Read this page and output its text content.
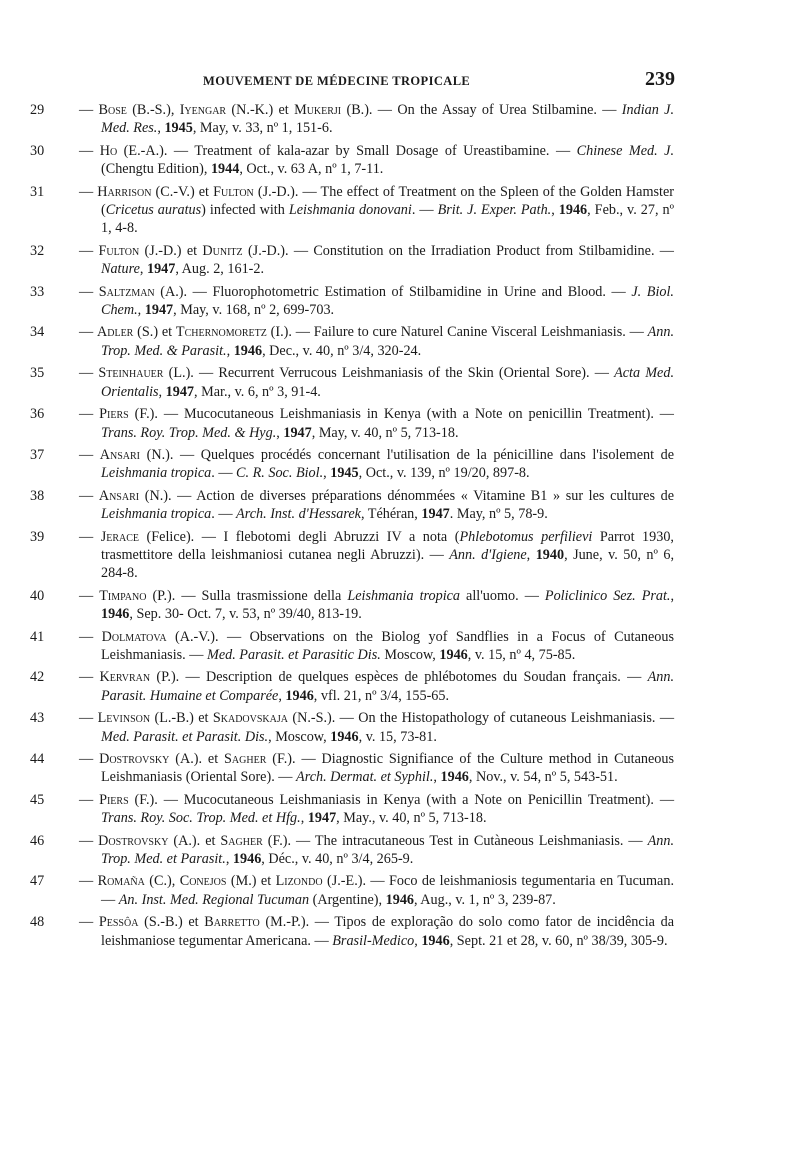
MOUVEMENT DE MÉDECINE TROPICALE	239
29	— Bose (B.-S.), Iyengar (N.-K.) et Mukerji (B.). — On the Assay of Urea Stilbamine. — Indian J. Med. Res., 1945, May, v. 33, nº 1, 151-6.
30	— Ho (E.-A.). — Treatment of kala-azar by Small Dosage of Ureastibamine. — Chinese Med. J. (Chengtu Edition), 1944, Oct., v. 63 A, nº 1, 7-11.
31	— Harrison (C.-V.) et Fulton (J.-D.). — The effect of Treatment on the Spleen of the Golden Hamster (Cricetus auratus) infected with Leishmania donovani. — Brit. J. Exper. Path., 1946, Feb., v. 27, nº 1, 4-8.
32	— Fulton (J.-D.) et Dunitz (J.-D.). — Constitution on the Irradiation Product from Stilbamidine. — Nature, 1947, Aug. 2, 161-2.
33	— Saltzman (A.). — Fluorophotometric Estimation of Stilbamidine in Urine and Blood. — J. Biol. Chem., 1947, May, v. 168, nº 2, 699-703.
34	— Adler (S.) et Tchernomoretz (I.). — Failure to cure Naturel Canine Visceral Leishmaniasis. — Ann. Trop. Med. & Parasit., 1946, Dec., v. 40, nº 3/4, 320-24.
35	— Steinhauer (L.). — Recurrent Verrucous Leishmaniasis of the Skin (Oriental Sore). — Acta Med. Orientalis, 1947, Mar., v. 6, nº 3, 91-4.
36	— Piers (F.). — Mucocutaneous Leishmaniasis in Kenya (with a Note on penicillin Treatment). — Trans. Roy. Trop. Med. & Hyg., 1947, May, v. 40, nº 5, 713-18.
37	— Ansari (N.). — Quelques procédés concernant l'utilisation de la pénicilline dans l'isolement de Leishmania tropica. — C. R. Soc. Biol., 1945, Oct., v. 139, nº 19/20, 897-8.
38	— Ansari (N.). — Action de diverses préparations dénommées « Vitamine B1 » sur les cultures de Leishmania tropica. — Arch. Inst. d'Hessarek, Téhéran, 1947. May, nº 5, 78-9.
39	— Jerace (Felice). — I flebotomi degli Abruzzi IV a nota (Phlebotomus perfilievi Parrot 1930, trasmettitore della leishmaniosi cutanea negli Abruzzi). — Ann. d'Igiene, 1940, June, v. 50, nº 6, 284-8.
40	— Timpano (P.). — Sulla trasmissione della Leishmania tropica all'uomo. — Policlinico Sez. Prat., 1946, Sep. 30- Oct. 7, v. 53, nº 39/40, 813-19.
41	— Dolmatova (A.-V.). — Observations on the Biolog yof Sandflies in a Focus of Cutaneous Leishmaniasis. — Med. Parasit. et Parasitic Dis. Moscow, 1946, v. 15, nº 4, 75-85.
42	— Kervran (P.). — Description de quelques espèces de phlébotomes du Soudan français. — Ann. Parasit. Humaine et Comparée, 1946, vfl. 21, nº 3/4, 155-65.
43	— Levinson (L.-B.) et Skadovskaja (N.-S.). — On the Histopathology of cutaneous Leishmaniasis. — Med. Parasit. et Parasit. Dis., Moscow, 1946, v. 15, 73-81.
44	— Dostrovsky (A.). et Sagher (F.). — Diagnostic Signifiance of the Culture method in Cutaneous Leishmaniasis (Oriental Sore). — Arch. Dermat. et Syphil., 1946, Nov., v. 54, nº 5, 543-51.
45	— Piers (F.). — Mucocutaneous Leishmaniasis in Kenya (with a Note on Penicillin Treatment). — Trans. Roy. Soc. Trop. Med. et Hfg., 1947, May., v. 40, nº 5, 713-18.
46	— Dostrovsky (A.). et Sagher (F.). — The intracutaneous Test in Cutàneous Leishmaniasis. — Ann. Trop. Med. et Parasit., 1946, Déc., v. 40, nº 3/4, 265-9.
47	— Romaña (C.), Conejos (M.) et Lizondo (J.-E.). — Foco de leishmaniosis tegumentaria en Tucuman. — An. Inst. Med. Regional Tucuman (Argentine), 1946, Aug., v. 1, nº 3, 239-87.
48	— Pessôa (S.-B.) et Barretto (M.-P.). — Tipos de exploração do solo como fator de incidência da leishmaniose tegumentar Americana. — Brasil-Medico, 1946, Sept. 21 et 28, v. 60, nº 38/39, 305-9.
